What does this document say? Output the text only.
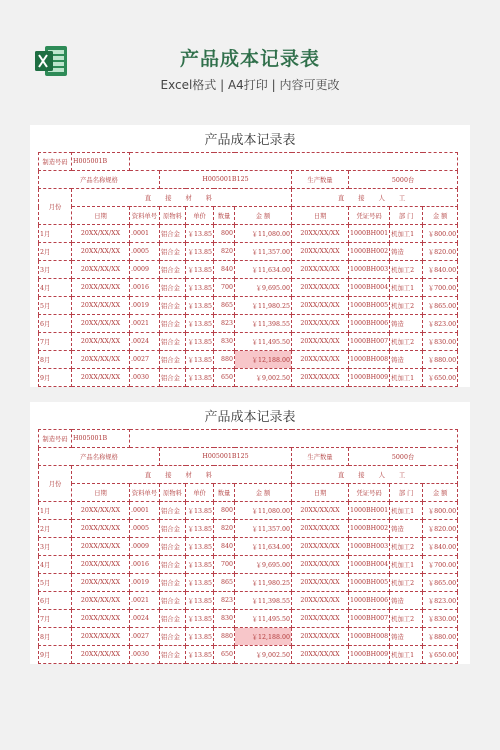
产品成本记录表
Excel格式 | A4打印 | 内容可更改
产品成本记录表
制造号码	H005001B									
产品名称规格			H005001B125				生产数量	5000台		
月份	直 接 材 料						直 接 人 工			
	日期	资料单号	原物料	单价	数量	金 额	日期	凭证号码	部 门	金 额
1月	20XX/XX/XX	.0001	铝合金	￥13.85	800	￥11,080.00	20XX/XX/XX	1000BH001	机加工1	￥800.00
2月	20XX/XX/XX	.0005	铝合金	￥13.85	820	￥11,357.00	20XX/XX/XX	1000BH002	铸造	￥820.00
3月	20XX/XX/XX	.0009	铝合金	￥13.85	840	￥11,634.00	20XX/XX/XX	1000BH003	机加工2	￥840.00
4月	20XX/XX/XX	.0016	铝合金	￥13.85	700	￥9,695.00	20XX/XX/XX	1000BH004	机加工1	￥700.00
5月	20XX/XX/XX	.0019	铝合金	￥13.85	865	￥11,980.25	20XX/XX/XX	1000BH005	机加工2	￥865.00
6月	20XX/XX/XX	.0021	铝合金	￥13.85	823	￥11,398.55	20XX/XX/XX	1000BH006	铸造	￥823.00
7月	20XX/XX/XX	.0024	铝合金	￥13.85	830	￥11,495.50	20XX/XX/XX	1000BH007	机加工2	￥830.00
8月	20XX/XX/XX	.0027	铝合金	￥13.85	880	￥12,188.00	20XX/XX/XX	1000BH008	铸造	￥880.00
9月	20XX/XX/XX	.0030	铝合金	￥13.85	650	￥9,002.50	20XX/XX/XX	1000BH009	机加工1	￥650.00
产品成本记录表
制造号码	H005001B									
产品名称规格			H005001B125				生产数量	5000台		
月份	直 接 材 料						直 接 人 工			
	日期	资料单号	原物料	单价	数量	金 额	日期	凭证号码	部 门	金 额
1月	20XX/XX/XX	.0001	铝合金	￥13.85	800	￥11,080.00	20XX/XX/XX	1000BH001	机加工1	￥800.00
2月	20XX/XX/XX	.0005	铝合金	￥13.85	820	￥11,357.00	20XX/XX/XX	1000BH002	铸造	￥820.00
3月	20XX/XX/XX	.0009	铝合金	￥13.85	840	￥11,634.00	20XX/XX/XX	1000BH003	机加工2	￥840.00
4月	20XX/XX/XX	.0016	铝合金	￥13.85	700	￥9,695.00	20XX/XX/XX	1000BH004	机加工1	￥700.00
5月	20XX/XX/XX	.0019	铝合金	￥13.85	865	￥11,980.25	20XX/XX/XX	1000BH005	机加工2	￥865.00
6月	20XX/XX/XX	.0021	铝合金	￥13.85	823	￥11,398.55	20XX/XX/XX	1000BH006	铸造	￥823.00
7月	20XX/XX/XX	.0024	铝合金	￥13.85	830	￥11,495.50	20XX/XX/XX	1000BH007	机加工2	￥830.00
8月	20XX/XX/XX	.0027	铝合金	￥13.85	880	￥12,188.00	20XX/XX/XX	1000BH008	铸造	￥880.00
9月	20XX/XX/XX	.0030	铝合金	￥13.85	650	￥9,002.50	20XX/XX/XX	1000BH009	机加工1	￥650.00
